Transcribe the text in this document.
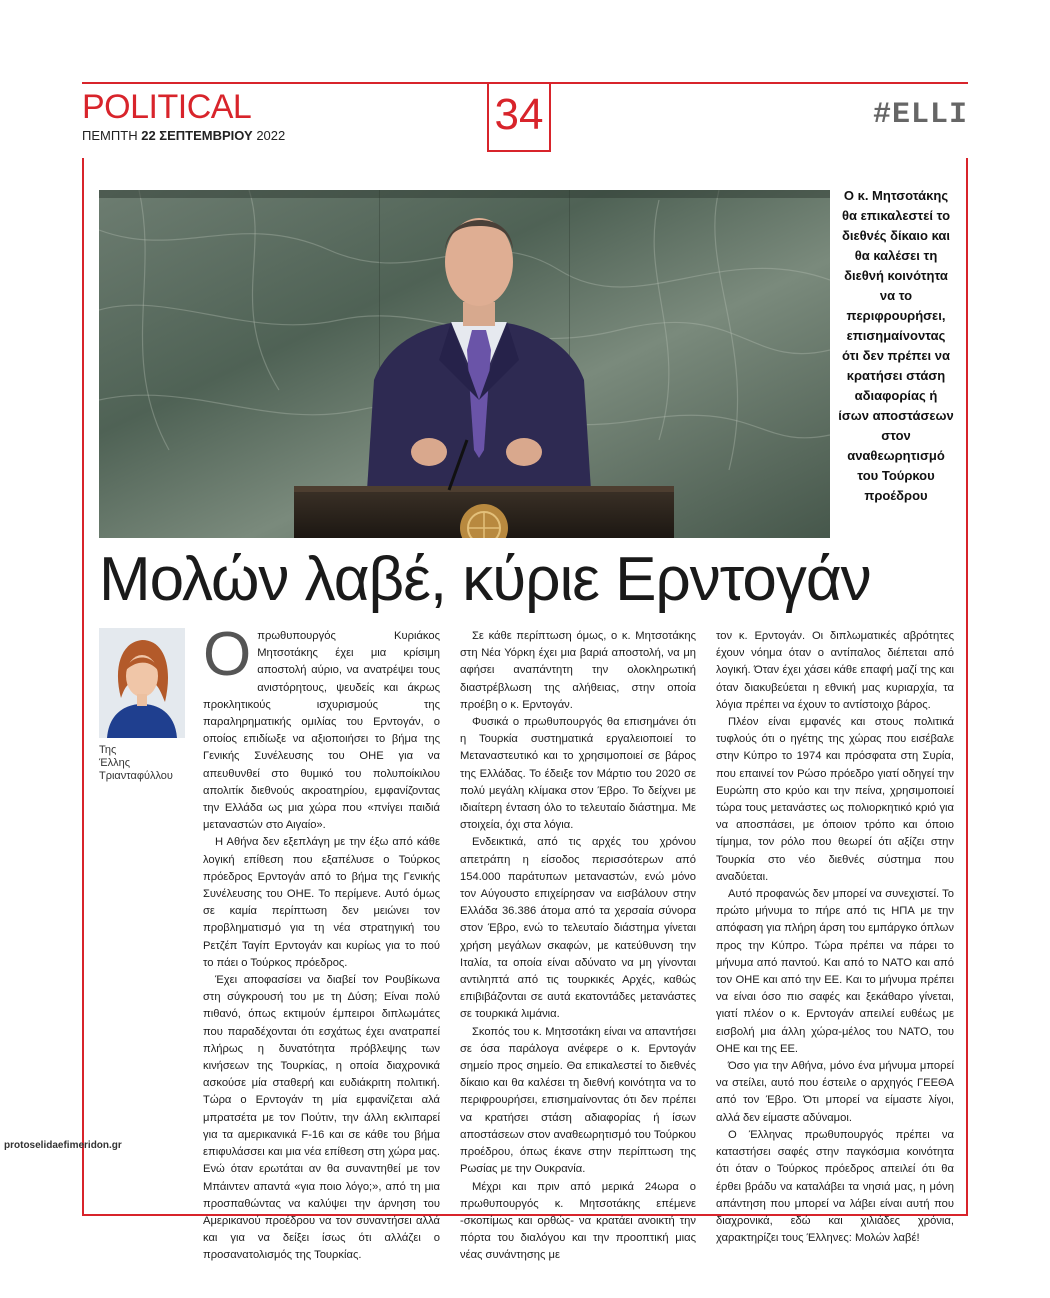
POLITICAL
ΠΕΜΠΤΗ 22 ΣΕΠΤΕΜΒΡΙΟΥ 2022	34	#ELLI
Ο κ. Μητσοτάκης θα επικαλεστεί το διεθνές δίκαιο και θα καλέσει τη διεθνή κοινότητα να το περιφρουρήσει, επισημαίνοντας ότι δεν πρέπει να κρατήσει στάση αδιαφορίας ή ίσων αποστάσεων στον αναθεωρητισμό του Τούρκου προέδρου
Μολών λαβέ, κύριε Ερντογάν
Της
Έλλης Τριανταφύλλου

Οπρωθυπουργός Κυριάκος Μητσοτάκης έχει μια κρίσιμη αποστολή αύριο, να ανατρέψει τους ανιστόρητους, ψευδείς και άκρως προκλητικούς ισχυρισμούς της παραληρηματικής ομιλίας του Ερντογάν, ο οποίος επιδίωξε να αξιοποιήσει το βήμα της Γενικής Συνέλευσης του ΟΗΕ για να απευθυνθεί στο θυμικό του πολυποίκιλου απολιτίκ διεθνούς ακροατηρίου, εμφανίζοντας την Ελλάδα ως μια χώρα που «πνίγει παιδιά μεταναστών στο Αιγαίο».

Η Αθήνα δεν εξεπλάγη με την έξω από κάθε λογική επίθεση που εξαπέλυσε ο Τούρκος πρόεδρος Ερντογάν από το βήμα της Γενικής Συνέλευσης του ΟΗΕ. Το περίμενε. Αυτό όμως σε καμία περίπτωση δεν μειώνει τον προβληματισμό για τη νέα στρατηγική του Ρετζέπ Ταγίπ Ερντογάν και κυρίως για το πού το πάει ο Τούρκος πρόεδρος.

Έχει αποφασίσει να διαβεί τον Ρουβίκωνα στη σύγκρουσή του με τη Δύση; Είναι πολύ πιθανό, όπως εκτιμούν έμπειροι διπλωμάτες που παραδέχονται ότι εσχάτως έχει ανατραπεί πλήρως η δυνατότητα πρόβλεψης των κινήσεων της Τουρκίας, η οποία διαχρονικά ασκούσε μία σταθερή και ευδιάκριτη πολιτική. Τώρα ο Ερντογάν τη μία εμφανίζεται αλά μπρατσέτα με τον Πούτιν, την άλλη εκλιπαρεί για τα αμερικανικά F-16 και σε κάθε του βήμα επιφυλάσσει και μια νέα επίθεση στη χώρα μας. Ενώ όταν ερωτάται αν θα συναντηθεί με τον Μπάιντεν απαντά «για ποιο λόγο;», από τη μια προσπαθώντας να καλύψει την άρνηση του Αμερικανού προέδρου να τον συναντήσει αλλά και για να δείξει ίσως ότι αλλάζει ο προσανατολισμός της Τουρκίας.

Σε κάθε περίπτωση όμως, ο κ. Μητσοτάκης στη Νέα Υόρκη έχει μια βαριά αποστολή, να μη αφήσει αναπάντητη την ολοκληρωτική διαστρέβλωση της αλήθειας, στην οποία προέβη ο κ. Ερντογάν.

Φυσικά ο πρωθυπουργός θα επισημάνει ότι η Τουρκία συστηματικά εργαλειοποιεί το Μεταναστευτικό και το χρησιμοποιεί σε βάρος της Ελλάδας. Το έδειξε τον Μάρτιο του 2020 σε πολύ μεγάλη κλίμακα στον Έβρο. Το δείχνει με ιδιαίτερη ένταση όλο το τελευταίο διάστημα. Με στοιχεία, όχι στα λόγια.

Ενδεικτικά, από τις αρχές του χρόνου απετράπη η είσοδος περισσότερων από 154.000 παράτυπων μεταναστών, ενώ μόνο τον Αύγουστο επιχείρησαν να εισβάλουν στην Ελλάδα 36.386 άτομα από τα χερσαία σύνορα στον Έβρο, ενώ το τελευταίο διάστημα γίνεται χρήση μεγάλων σκαφών, με κατεύθυνση την Ιταλία, τα οποία είναι αδύνατο να μη γίνονται αντιληπτά από τις τουρκικές Αρχές, καθώς επιβιβάζονται σε αυτά εκατοντάδες μετανάστες σε τουρκικά λιμάνια.

Σκοπός του κ. Μητσοτάκη είναι να απαντήσει σε όσα παράλογα ανέφερε ο κ. Ερντογάν σημείο προς σημείο. Θα επικαλεστεί το διεθνές δίκαιο και θα καλέσει τη διεθνή κοινότητα να το περιφρουρήσει, επισημαίνοντας ότι δεν πρέπει να κρατήσει στάση αδιαφορίας ή ίσων αποστάσεων στον αναθεωρητισμό του Τούρκου προέδρου, όπως έκανε στην περίπτωση της Ρωσίας με την Ουκρανία.

Μέχρι και πριν από μερικά 24ωρα ο πρωθυπουργός κ. Μητσοτάκης επέμενε -σκοπίμως και ορθώς- να κρατάει ανοικτή την πόρτα του διαλόγου και την προοπτική μιας νέας συνάντησης με

τον κ. Ερντογάν. Οι διπλωματικές αβρότητες έχουν νόημα όταν ο αντίπαλος διέπεται από λογική. Όταν έχει χάσει κάθε επαφή μαζί της και όταν διακυβεύεται η εθνική μας κυριαρχία, τα λόγια πρέπει να έχουν το αντίστοιχο βάρος.

Πλέον είναι εμφανές και στους πολιτικά τυφλούς ότι ο ηγέτης της χώρας που εισέβαλε στην Κύπρο το 1974 και πρόσφατα στη Συρία, που επαινεί τον Ρώσο πρόεδρο γιατί οδηγεί την Ευρώπη στο κρύο και την πείνα, χρησιμοποιεί τώρα τους μετανάστες ως πολιορκητικό κριό για να αποσπάσει, με όποιον τρόπο και όποιο τίμημα, τον ρόλο που θεωρεί ότι αξίζει στην Τουρκία στο νέο διεθνές σύστημα που αναδύεται.

Αυτό προφανώς δεν μπορεί να συνεχιστεί. Το πρώτο μήνυμα το πήρε από τις ΗΠΑ με την απόφαση για πλήρη άρση του εμπάργκο όπλων προς την Κύπρο. Τώρα πρέπει να πάρει το μήνυμα από παντού. Και από το ΝΑΤΟ και από τον ΟΗΕ και από την ΕΕ. Και το μήνυμα πρέπει να είναι όσο πιο σαφές και ξεκάθαρο γίνεται, γιατί πλέον ο κ. Ερντογάν απειλεί ευθέως με εισβολή μια άλλη χώρα-μέλος του ΝΑΤΟ, του ΟΗΕ και της ΕΕ.

Όσο για την Αθήνα, μόνο ένα μήνυμα μπορεί να στείλει, αυτό που έστειλε ο αρχηγός ΓΕΕΘΑ από τον Έβρο. Ότι μπορεί να είμαστε λίγοι, αλλά δεν είμαστε αδύναμοι.

Ο Έλληνας πρωθυπουργός πρέπει να καταστήσει σαφές στην παγκόσμια κοινότητα ότι όταν ο Τούρκος πρόεδρος απειλεί ότι θα έρθει βράδυ να καταλάβει τα νησιά μας, η μόνη απάντηση που μπορεί να λάβει είναι αυτή που διαχρονικά, εδώ και χιλιάδες χρόνια, χαρακτηρίζει τους Έλληνες: Μολών λαβέ!

protoselidaefimeridon.gr
